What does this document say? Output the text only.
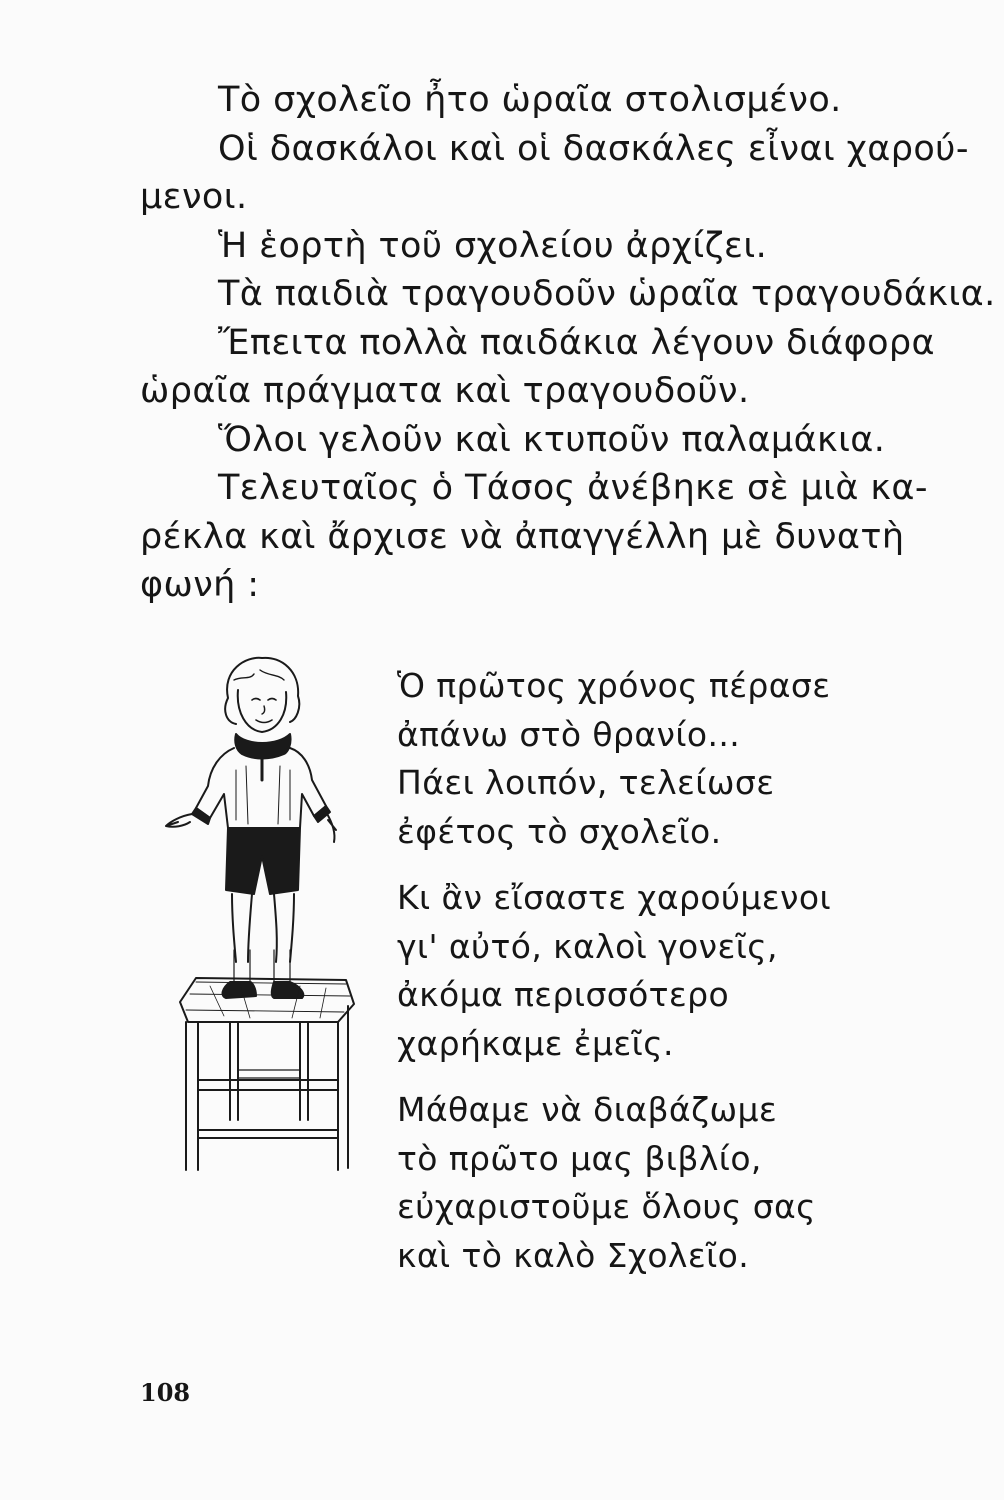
Τὸ σχολεῖο ἦτο ὡραῖα στολισμένο.
Οἱ δασκάλοι καὶ οἱ δασκάλες εἶναι χαρού-
μενοι.
Ἡ ἑορτὴ τοῦ σχολείου ἀρχίζει.
Τὰ παιδιὰ τραγουδοῦν ὡραῖα τραγουδάκια.
Ἔπειτα πολλὰ παιδάκια λέγουν διάφορα
ὡραῖα πράγματα καὶ τραγουδοῦν.
Ὅλοι γελοῦν καὶ κτυποῦν παλαμάκια.
Τελευταῖος ὁ Τάσος ἀνέβηκε σὲ μιὰ κα-
ρέκλα καὶ ἄρχισε νὰ ἀπαγγέλλη μὲ δυνατὴ
φωνή :
Ὁ πρῶτος χρόνος πέρασε
ἀπάνω στὸ θρανίο...
Πάει λοιπόν, τελείωσε
ἐφέτος τὸ σχολεῖο.
Κι ἂν εἴσαστε χαρούμενοι
γι' αὐτό, καλοὶ γονεῖς,
ἀκόμα περισσότερο
χαρήκαμε ἐμεῖς.
Μάθαμε νὰ διαβάζωμε
τὸ πρῶτο μας βιβλίο,
εὐχαριστοῦμε ὅλους σας
καὶ τὸ καλὸ Σχολεῖο.
108
